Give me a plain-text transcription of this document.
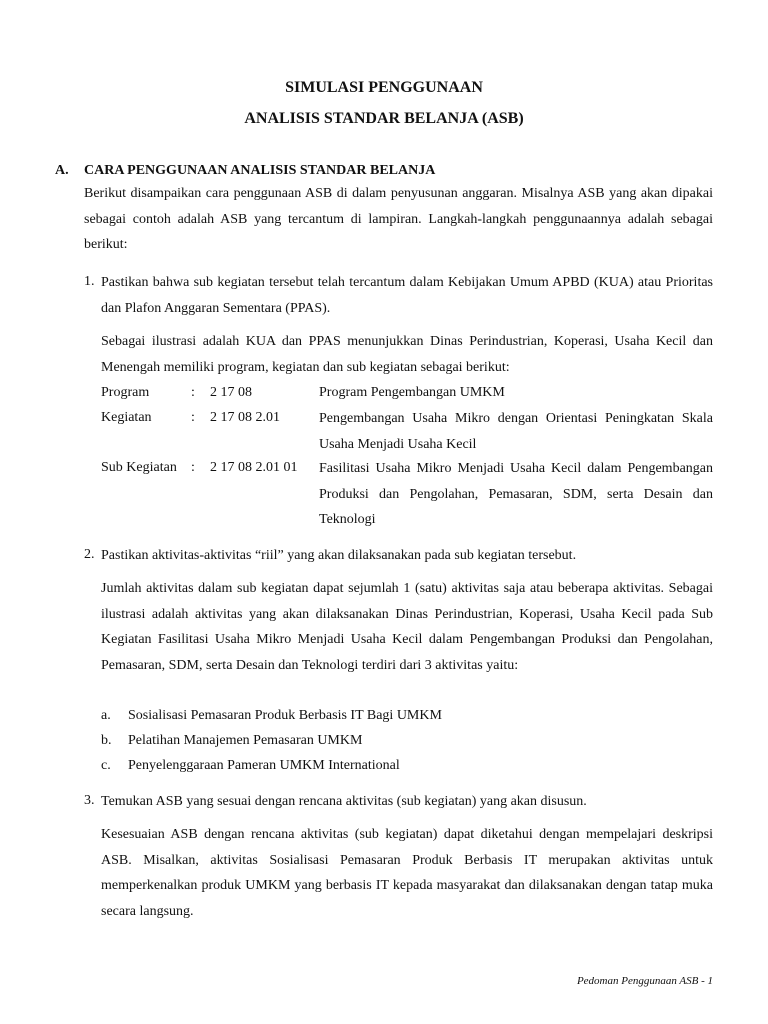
SIMULASI PENGGUNAAN
ANALISIS STANDAR BELANJA (ASB)
A. CARA PENGGUNAAN ANALISIS STANDAR BELANJA
Berikut disampaikan cara penggunaan ASB di dalam penyusunan anggaran. Misalnya ASB yang akan dipakai sebagai contoh adalah ASB yang tercantum di lampiran. Langkah-langkah penggunaannya adalah sebagai berikut:
1. Pastikan bahwa sub kegiatan tersebut telah tercantum dalam Kebijakan Umum APBD (KUA) atau Prioritas dan Plafon Anggaran Sementara (PPAS).
Sebagai ilustrasi adalah KUA dan PPAS menunjukkan Dinas Perindustrian, Koperasi, Usaha Kecil dan Menengah memiliki program, kegiatan dan sub kegiatan sebagai berikut:
Program	: 2 17 08	Program Pengembangan UMKM
Kegiatan	: 2 17 08 2.01	Pengembangan Usaha Mikro dengan Orientasi Peningkatan Skala Usaha Menjadi Usaha Kecil
Sub Kegiatan : 2 17 08 2.01 01 Fasilitasi Usaha Mikro Menjadi Usaha Kecil dalam Pengembangan Produksi dan Pengolahan, Pemasaran, SDM, serta Desain dan Teknologi
2. Pastikan aktivitas-aktivitas “riil” yang akan dilaksanakan pada sub kegiatan tersebut.
Jumlah aktivitas dalam sub kegiatan dapat sejumlah 1 (satu) aktivitas saja atau beberapa aktivitas. Sebagai ilustrasi adalah aktivitas yang akan dilaksanakan Dinas Perindustrian, Koperasi, Usaha Kecil pada Sub Kegiatan Fasilitasi Usaha Mikro Menjadi Usaha Kecil dalam Pengembangan Produksi dan Pengolahan, Pemasaran, SDM, serta Desain dan Teknologi terdiri dari 3 aktivitas yaitu:
a. Sosialisasi Pemasaran Produk Berbasis IT Bagi UMKM
b. Pelatihan Manajemen Pemasaran UMKM
c. Penyelenggaraan Pameran UMKM International
3. Temukan ASB yang sesuai dengan rencana aktivitas (sub kegiatan) yang akan disusun.
Kesesuaian ASB dengan rencana aktivitas (sub kegiatan) dapat diketahui dengan mempelajari deskripsi ASB. Misalkan, aktivitas Sosialisasi Pemasaran Produk Berbasis IT merupakan aktivitas untuk memperkenalkan produk UMKM yang berbasis IT kepada masyarakat dan dilaksanakan dengan tatap muka secara langsung.
Pedoman Penggunaan ASB - 1
